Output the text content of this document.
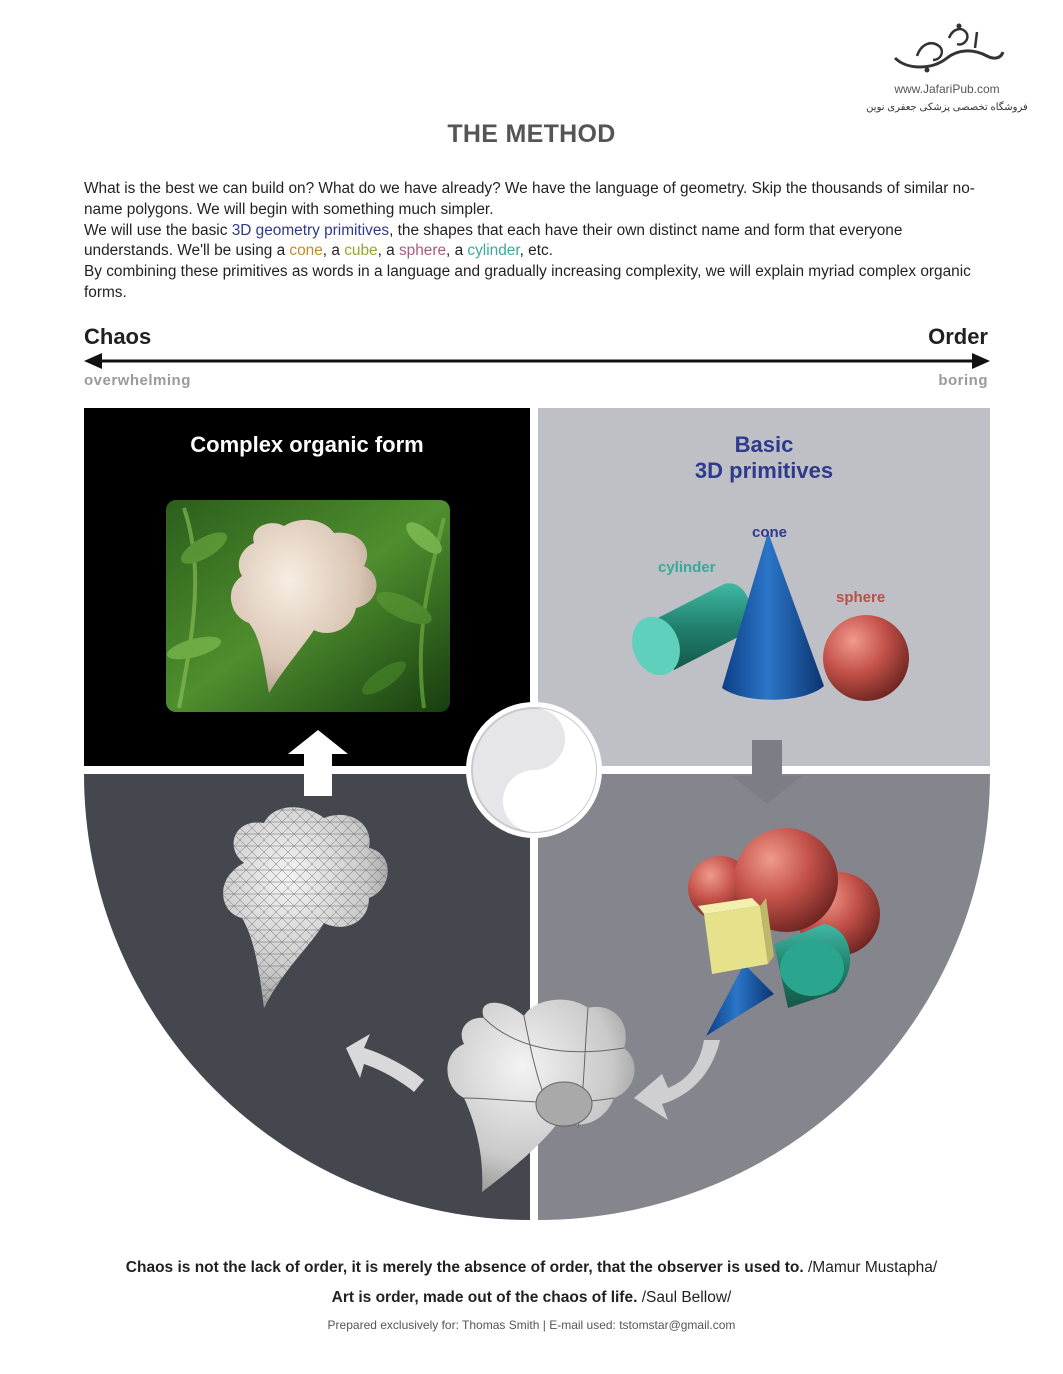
www.JafariPub.com
فروشگاه تخصصی پزشکی جعفری نوین
THE METHOD

What is the best we can build on? What do we have already? We have the language of geometry. Skip the thousands of similar no-name polygons. We will begin with something much simpler.

We will use the basic 3D geometry primitives, the shapes that each have their own distinct name and form that everyone understands. We'll be using a cone, a cube, a sphere, a cylinder, etc.

By combining these primitives as words in a language and gradually increasing complexity, we will explain myriad complex organic forms.

Chaos	Order
overwhelming	boring
Complex organic form	Basic
3D primitives
cone
cylinder
sphere
Chaos is not the lack of order, it is merely the absence of order, that the observer is used to. /Mamur Mustapha/
Art is order, made out of the chaos of life. /Saul Bellow/
Prepared exclusively for: Thomas Smith | E-mail used: tstomstar@gmail.com
